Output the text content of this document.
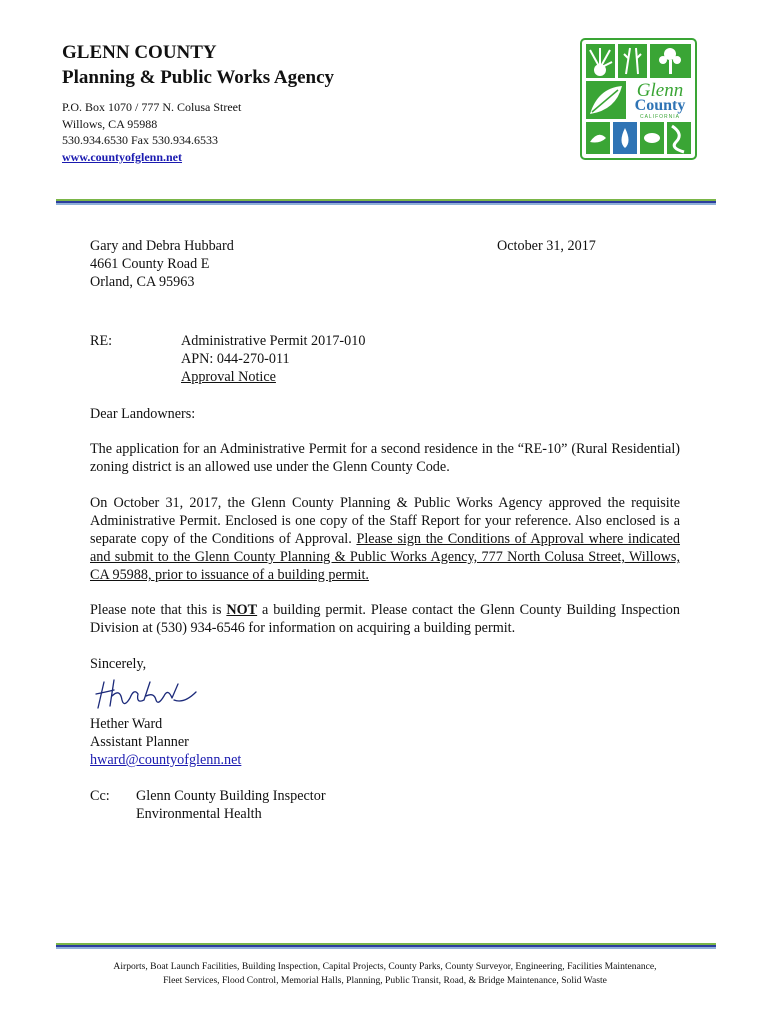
GLENN COUNTY
Planning & Public Works Agency
P.O. Box 1070 / 777 N. Colusa Street
Willows, CA 95988
530.934.6530 Fax 530.934.6533
www.countyofglenn.net
Glenn
County
CALIFORNIA
Gary and Debra Hubbard
4661 County Road E
Orland, CA 95963
October 31, 2017
RE:	Administrative Permit 2017-010
APN: 044-270-011
Approval Notice
Dear Landowners:
The application for an Administrative Permit for a second residence in the “RE-10” (Rural Residential) zoning district is an allowed use under the Glenn County Code.
On October 31, 2017, the Glenn County Planning & Public Works Agency approved the requisite Administrative Permit. Enclosed is one copy of the Staff Report for your reference. Also enclosed is a separate copy of the Conditions of Approval. Please sign the Conditions of Approval where indicated and submit to the Glenn County Planning & Public Works Agency, 777 North Colusa Street, Willows, CA 95988, prior to issuance of a building permit.
Please note that this is NOT a building permit. Please contact the Glenn County Building Inspection Division at (530) 934-6546 for information on acquiring a building permit.
Sincerely,
Hether Ward
Assistant Planner
hward@countyofglenn.net
Cc: Glenn County Building Inspector
Environmental Health
Airports, Boat Launch Facilities, Building Inspection, Capital Projects, County Parks, County Surveyor, Engineering, Facilities Maintenance,
Fleet Services, Flood Control, Memorial Halls, Planning, Public Transit, Road, & Bridge Maintenance, Solid Waste
